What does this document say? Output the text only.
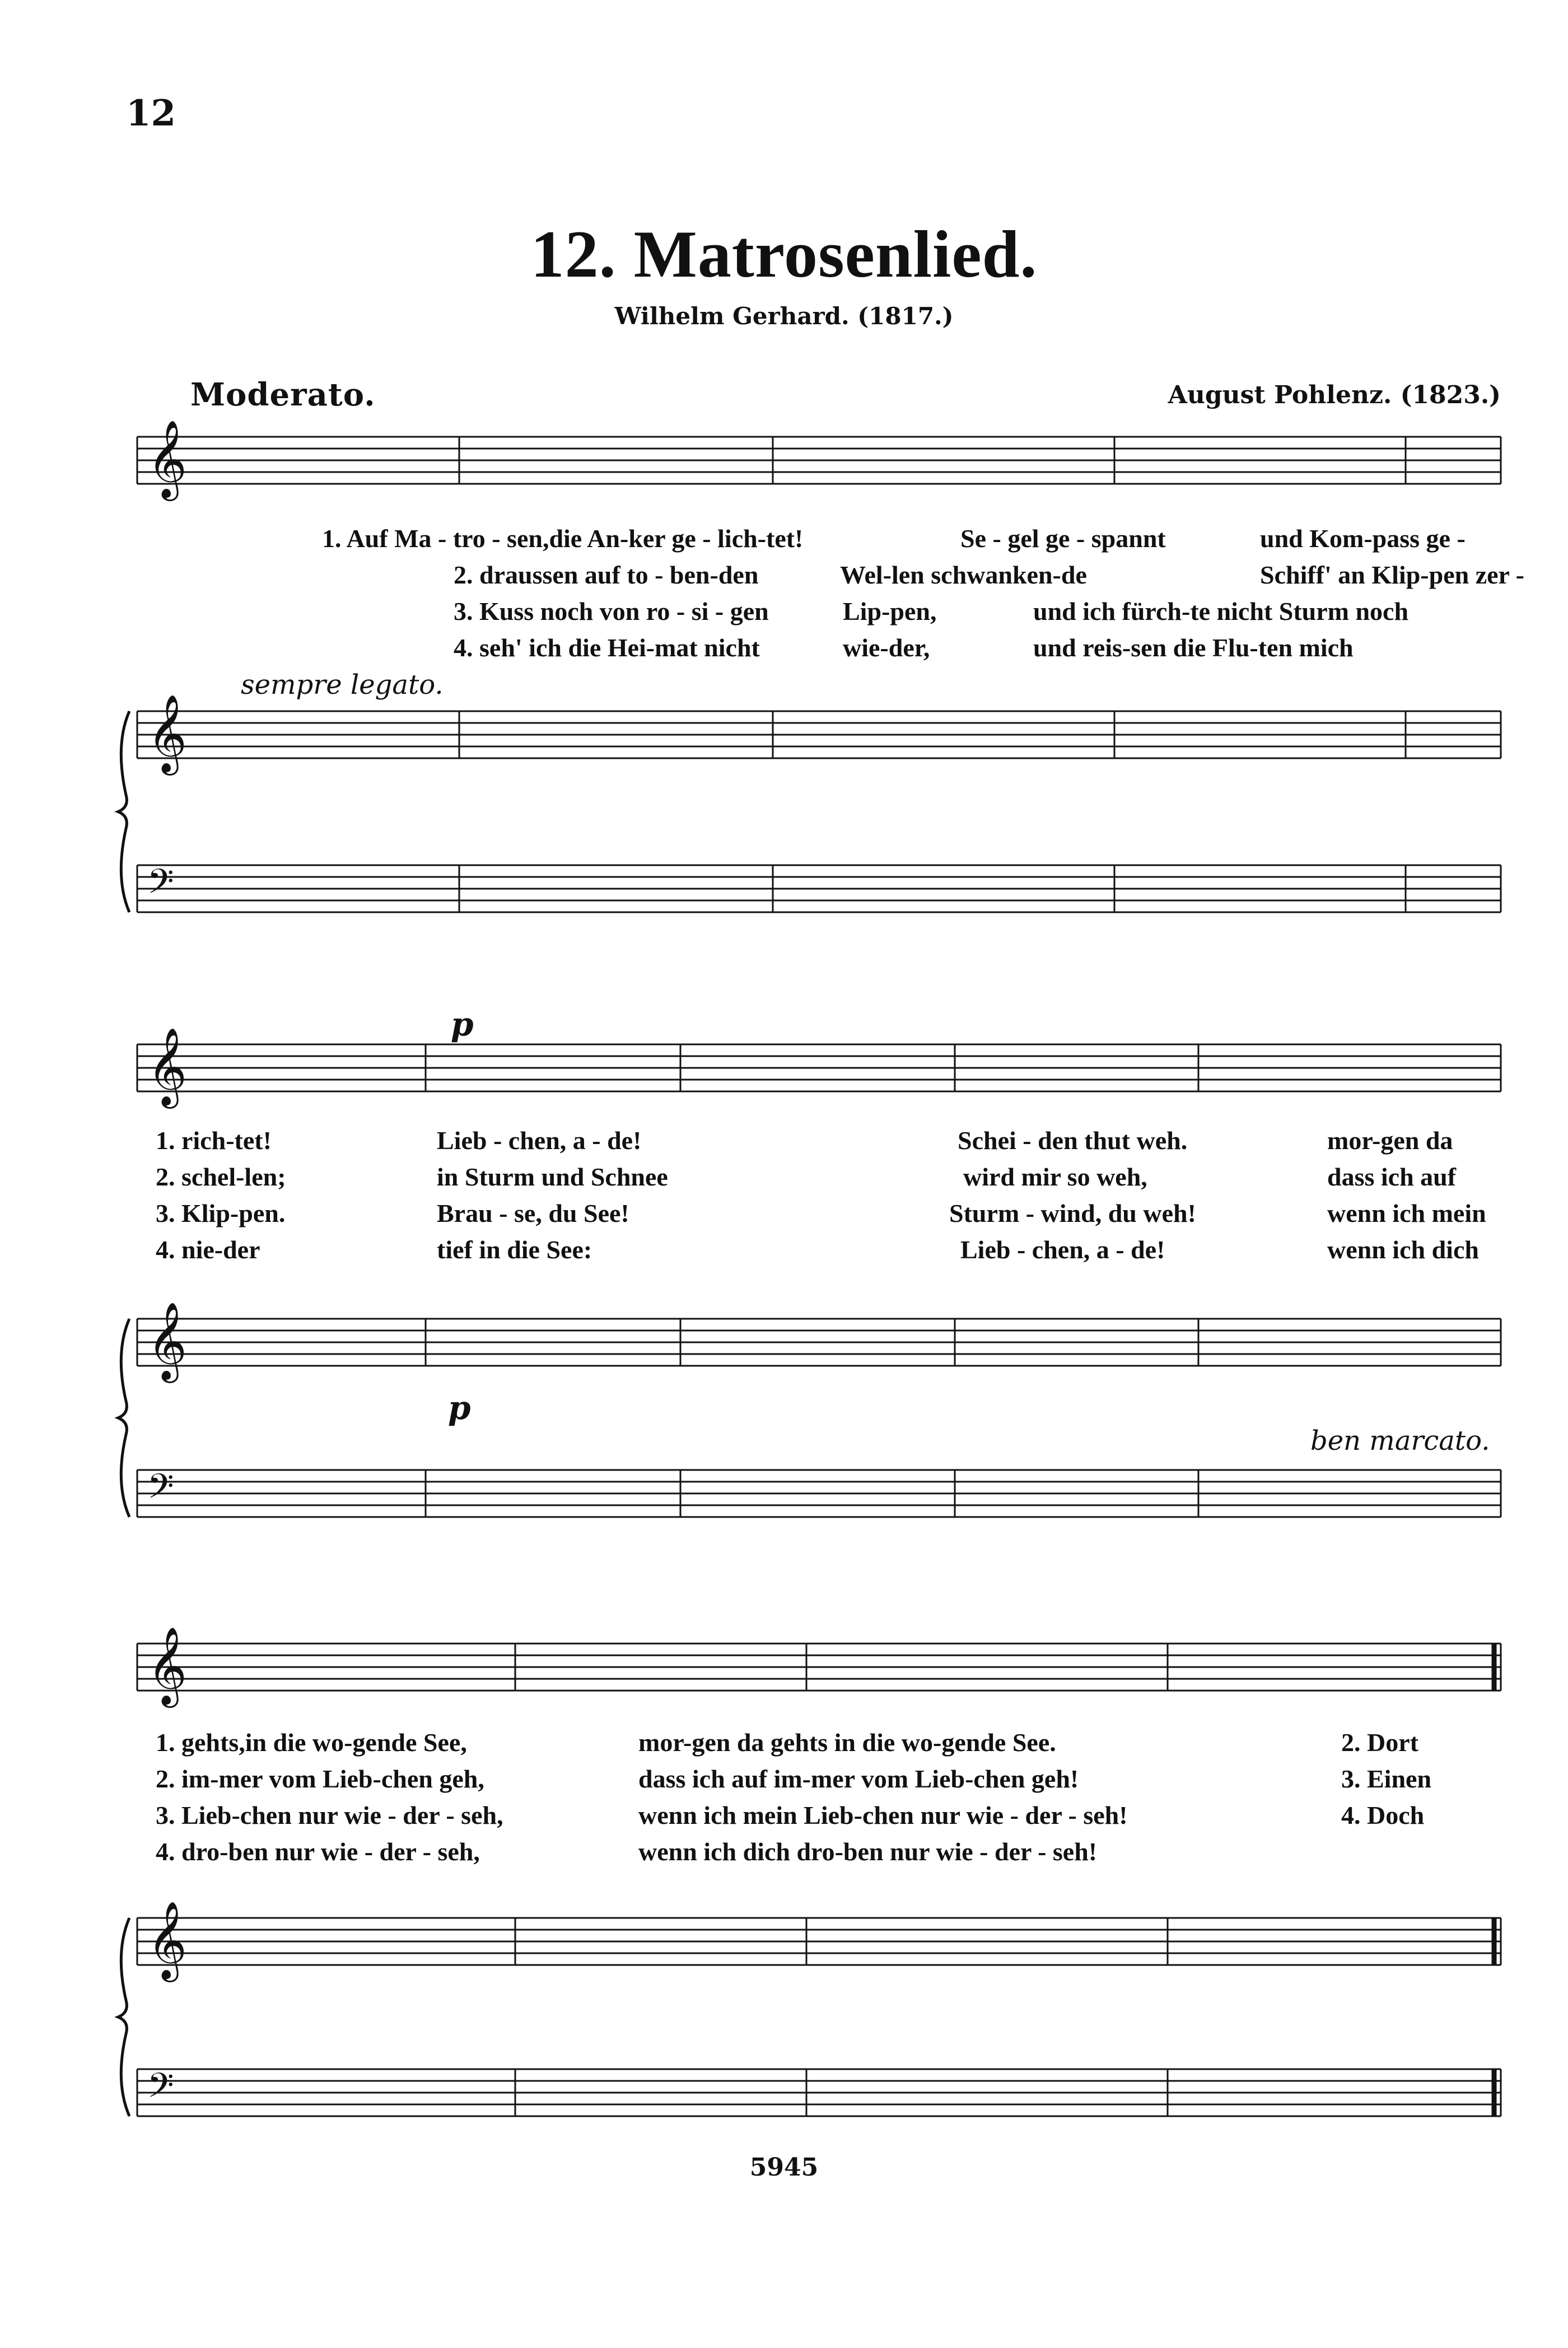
12
12. Matrosenlied.
Wilhelm Gerhard. (1817.)
Moderato.	August Pohlenz. (1823.)
sempre legato.
ben marcato.
p
p
𝄞
𝄞
𝄢
𝄞
𝄞
𝄢
𝄞
𝄞
𝄢
1. Auf Ma - tro - sen,die An-ker ge - lich-tet!	Se - gel ge - spannt	und Kom-pass ge -
2. draussen auf to - ben-den	Wel-len schwanken-de	Schiff' an Klip-pen zer -
3. Kuss noch von ro - si - gen	Lip-pen,	und ich fürch-te nicht Sturm noch
4. seh' ich die Hei-mat nicht	wie-der,	und reis-sen die Flu-ten mich
1. rich-tet!	Lieb - chen, a - de!	Schei - den thut weh.	mor-gen da
2. schel-len;	in Sturm und Schnee	wird mir so weh,	dass ich auf
3. Klip-pen.	Brau - se, du See!	Sturm - wind, du weh!	wenn ich mein
4. nie-der	tief in die See:	Lieb - chen, a - de!	wenn ich dich
1. gehts,in die wo-gende See,	mor-gen da gehts in die wo-gende See.	2. Dort
2. im-mer vom Lieb-chen geh,	dass ich auf im-mer vom Lieb-chen geh!	3. Einen
3. Lieb-chen nur wie - der - seh,	wenn ich mein Lieb-chen nur wie - der - seh!	4. Doch
4. dro-ben nur wie - der - seh,	wenn ich dich dro-ben nur wie - der - seh!
5945
